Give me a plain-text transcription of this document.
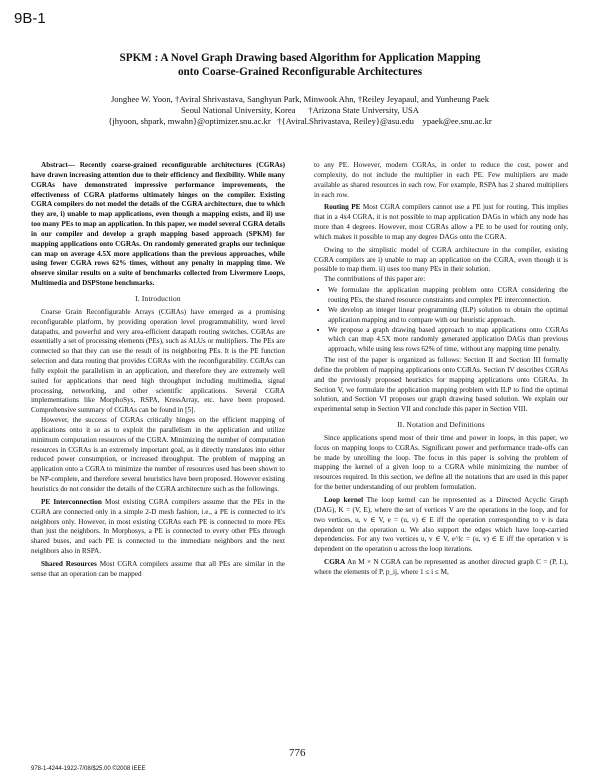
9B-1
SPKM : A Novel Graph Drawing based Algorithm for Application Mapping
onto Coarse-Grained Reconfigurable Architectures
Jonghee W. Yoon, †Aviral Shrivastava, Sanghyun Park, Minwook Ahn, †Reiley Jeyapaul, and Yunheung Paek
Seoul National University, Korea      †Arizona State University, USA
{jhyoon, shpark, mwahn}@optimizer.snu.ac.kr   †{Aviral.Shrivastava, Reiley}@asu.edu    ypaek@ee.snu.ac.kr

Abstract— Recently coarse-grained reconfigurable architectures (CGRAs) have drawn increasing attention due to their efficiency and flexibility. While many CGRAs have demonstrated impressive performance improvements, the effectiveness of CGRA platforms ultimately hinges on the compiler. Existing CGRA compilers do not model the details of the CGRA architecture, due to which they are, i) unable to map applications, even though a mapping exists, and ii) use too many PEs to map an application. In this paper, we model several CGRA details in our compiler and develop a graph mapping based approach (SPKM) for mapping applications onto CGRAs. On randomly generated graphs our technique can map on average 4.5X more applications than the previous approaches, while using fewer CGRA rows 62% times, without any penalty in mapping time. We observe similar results on a suite of benchmarks collected from Livermore Loops, Multimedia and DSPStone benchmarks.

I. Introduction

Coarse Grain Reconfigurable Arrays (CGRAs) have emerged as a promising reconfigurable platform, by providing operation level programmability, word level datapaths, and powerful and very area-efficient datapath routing switches. CGRAs are essentially a set of processing elements (PEs), such as ALUs or multipliers. The PEs are connected so that they can use the result of its neighboring PEs. It is the PE function selection and data routing that provides CGRAs with the reconfigurability. CGRAs can fully exploit the parallelism in an application, and therefore they are extremely well suited for applications that need high throughput including multimedia, signal processing, networking, and other scientific applications. Several CGRA implementations like MorphoSys, RSPA, KressArray, etc. have been proposed. Comprehensive summary of CGRAs can be found in [5].

However, the success of CGRAs critically hinges on the efficient mapping of applications onto it so as to exploit the parallelism in the application and utilize minimum computation resources of the CGRA. Minimizing the number of computation resources in CGRAs is an extremely important goal, as it directly translates into either reduced power consumption, or increased throughput. The problem of mapping an application onto a CGRA to minimize the number of resources used has been shown to be NP-complete, and therefore several heuristics have been proposed. However existing heuristics do not consider the details of the CGRA architecture such as the followings.

PE Interconnection Most existing CGRA compilers assume that the PEs in the CGRA are connected only in a simple 2-D mesh fashion, i.e., a PE is connected to it's neighbors only. However, in most existing CGRAs each PE is connected to more PEs than just the neighbors. In Morphosys, a PE is connected to every other PEs through shared buses, and each PE is connected to the immediate neighbors and the next neighbors also in RSPA.

Shared Resources Most CGRA compilers assume that all PEs are similar in the sense that an operation can be mapped

to any PE. However, modern CGRAs, in order to reduce the cost, power and complexity, do not include the multiplier in each PE. Few multipliers are made available as shared resources in each row. For example, RSPA has 2 shared multipliers in each row.

Routing PE Most CGRA compilers cannot use a PE just for routing. This implies that in a 4x4 CGRA, it is not possible to map application DAGs in which any node has more than 4 degrees. However, most CGRAs allow a PE to be used for routing only, which makes it possible to map any degree DAGs onto the CGRA.

Owing to the simplistic model of CGRA architecture in the compiler, existing CGRA compilers are i) unable to map an application on the CGRA, even though it is possible to map them. ii) uses too many PEs in their solution.

The contributions of this paper are:

• We formulate the application mapping problem onto CGRA considering the routing PEs, the shared resource constraints and complex PE interconnection.
• We develop an integer linear programming (ILP) solution to obtain the optimal application mapping and to compare with our heuristic approach.
• We propose a graph drawing based approach to map applications onto CGRAs which can map 4.5X more randomly generated application DAGs than previous approach, while using less rows 62% of time, without any mapping time penalty.

The rest of the paper is organized as follows: Section II and Section III formally define the problem of mapping applications onto CGRAs. Section IV describes CGRAs and the previously proposed heuristics for mapping applications onto CGRAs. In Section V, we formulate the application mapping problem with ILP to find the optimal solution, and Section VI proposes our graph drawing based solution. We explain our experimental setup in Section VII and conclude this paper in Section VIII.

II. Notation and Definitions

Since applications spend most of their time and power in loops, in this paper, we focus on mapping loops to CGRAs. Significant power and performance trade-offs can be made by unrolling the loop. The focus in this paper is solving the problem of mapping the kernel of a given loop to a CGRA while minimizing the number of resources required. In this section, we define all the notations that are used in this paper for the better understanding of our problem formulation.

Loop kernel The loop kernel can be represented as a Directed Acyclic Graph (DAG), K = (V, E), where the set of vertices V are the operations in the loop, and for two vertices, u, v ∈ V, e = (u, v) ∈ E iff the operation corresponding to v is data dependent on the operation u. We also support the edges which have loop-carried dependencies. For any two vertices u, v ∈ V, e^lc = (u, v) ∈ E iff the operation v is dependent on the operation u across the loop iterations.

CGRA An M × N CGRA can be represented as another directed graph C = (P, L), where the elements of P, p_ij, where 1 ≤ i ≤ M,

776
978-1-4244-1922-7/08/$25.00 ©2008 IEEE
